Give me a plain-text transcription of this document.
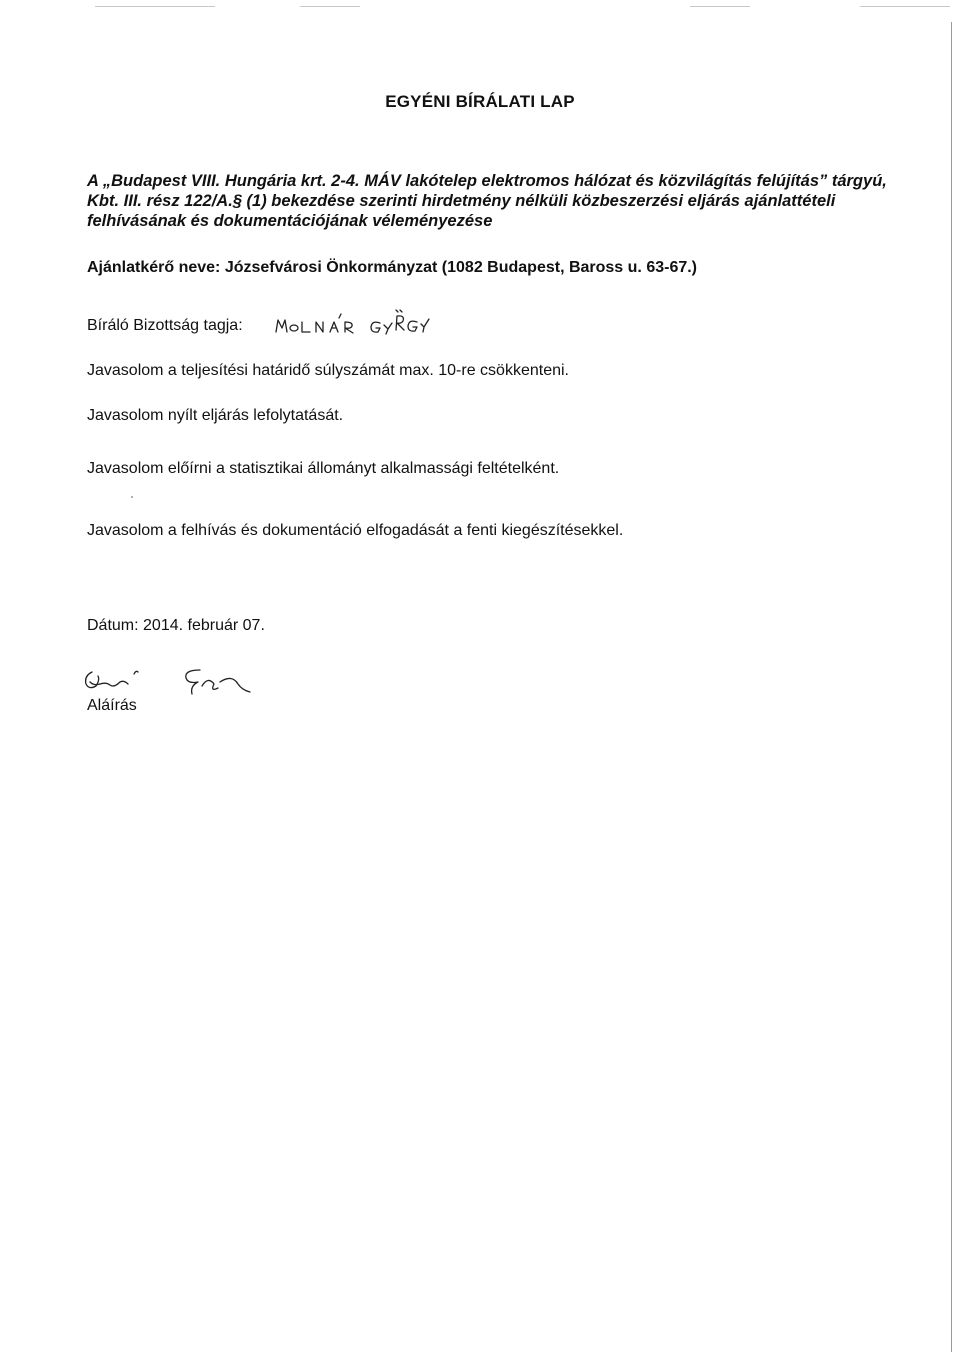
EGYÉNI BÍRÁLATI LAP
A „Budapest VIII. Hungária krt. 2-4. MÁV lakótelep elektromos hálózat és közvilágítás felújítás” tárgyú, Kbt. III. rész 122/A.§ (1) bekezdése szerinti hirdetmény nélküli közbeszerzési eljárás ajánlattételi felhívásának és dokumentációjának véleményezése
Ajánlatkérő neve: Józsefvárosi Önkormányzat (1082 Budapest, Baross u. 63-67.)
Bíráló Bizottság tagja:
Javasolom a teljesítési határidő súlyszámát max. 10-re csökkenteni.
Javasolom nyílt eljárás lefolytatását.
Javasolom előírni a statisztikai állományt alkalmassági feltételként.
Javasolom a felhívás és dokumentáció elfogadását a fenti kiegészítésekkel.
Dátum: 2014. február 07.
Aláírás
